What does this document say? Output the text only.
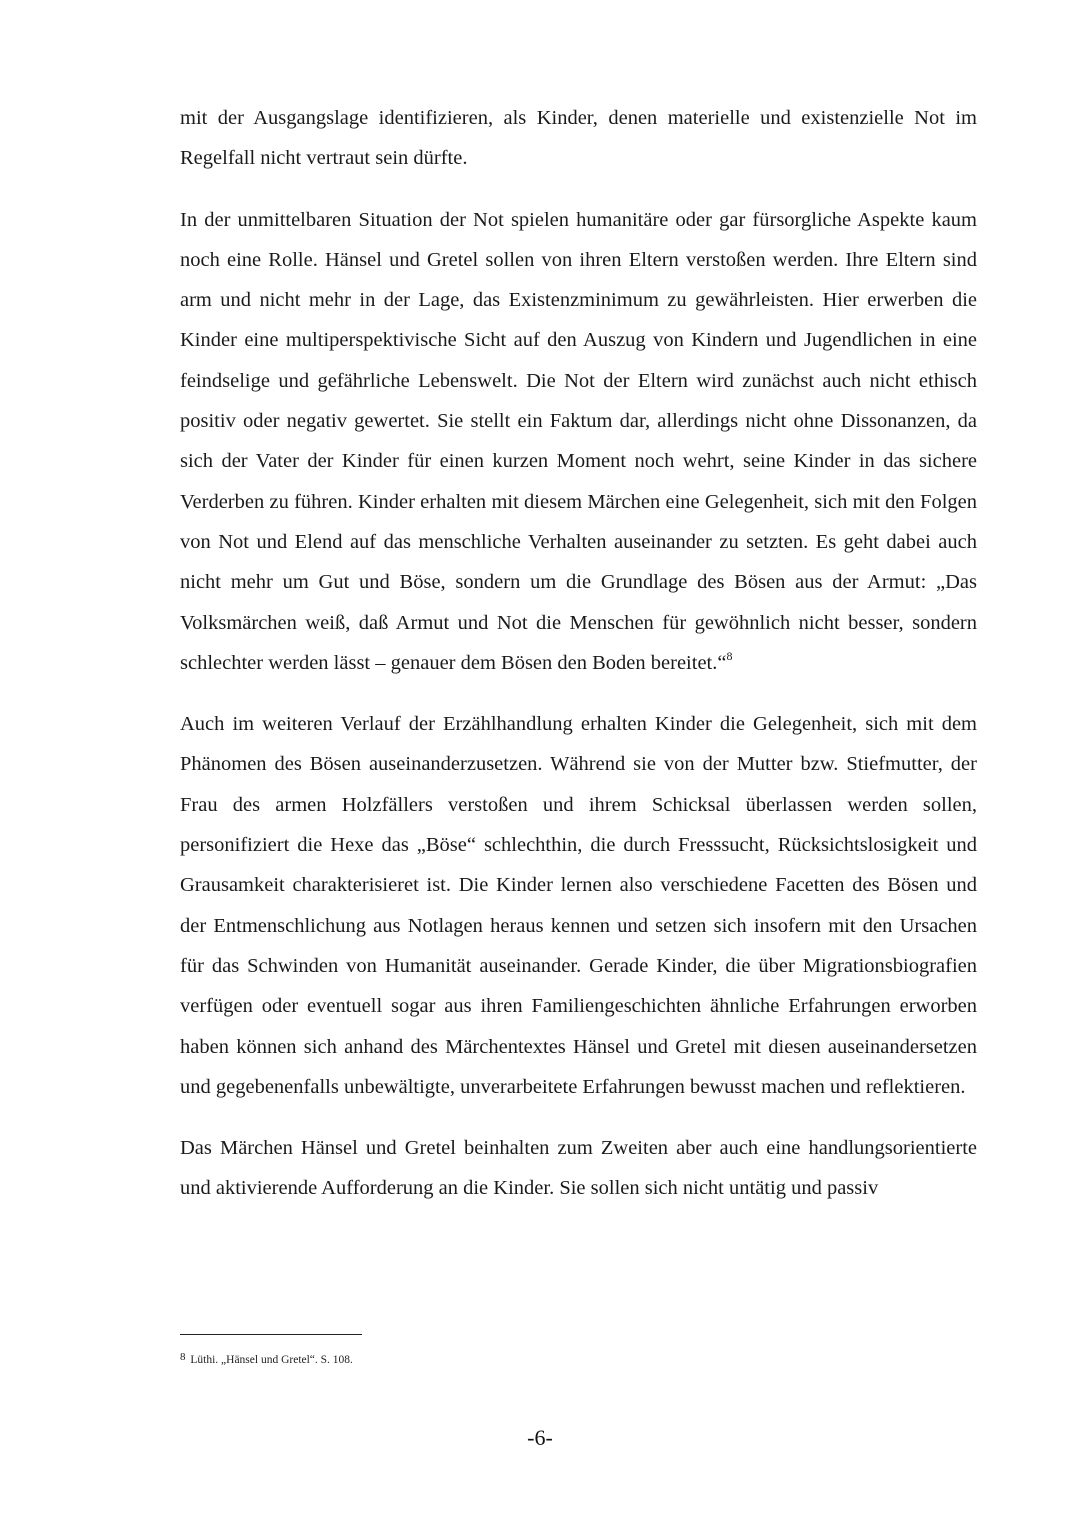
mit der Ausgangslage identifizieren, als Kinder, denen materielle und existenzielle Not im Regelfall nicht vertraut sein dürfte.

In der unmittelbaren Situation der Not spielen humanitäre oder gar fürsorgliche Aspekte kaum noch eine Rolle. Hänsel und Gretel sollen von ihren Eltern verstoßen werden. Ihre Eltern sind arm und nicht mehr in der Lage, das Existenzminimum zu gewährleisten. Hier erwerben die Kinder eine multiperspektivische Sicht auf den Auszug von Kindern und Jugendlichen in eine feindselige und gefährliche Lebenswelt. Die Not der Eltern wird zunächst auch nicht ethisch positiv oder negativ gewertet. Sie stellt ein Faktum dar, allerdings nicht ohne Dissonanzen, da sich der Vater der Kinder für einen kurzen Moment noch wehrt, seine Kinder in das sichere Verderben zu führen. Kinder erhalten mit diesem Märchen eine Gelegenheit, sich mit den Folgen von Not und Elend auf das menschliche Verhalten auseinander zu setzten. Es geht dabei auch nicht mehr um Gut und Böse, sondern um die Grundlage des Bösen aus der Armut: „Das Volksmärchen weiß, daß Armut und Not die Menschen für gewöhnlich nicht besser, sondern schlechter werden lässt – genauer dem Bösen den Boden bereitet.“$^8$

Auch im weiteren Verlauf der Erzählhandlung erhalten Kinder die Gelegenheit, sich mit dem Phänomen des Bösen auseinanderzusetzen. Während sie von der Mutter bzw. Stiefmutter, der Frau des armen Holzfällers verstoßen und ihrem Schicksal überlassen werden sollen, personifiziert die Hexe das „Böse“ schlechthin, die durch Fresssucht, Rücksichtslosigkeit und Grausamkeit charakterisieret ist. Die Kinder lernen also verschiedene Facetten des Bösen und der Entmenschlichung aus Notlagen heraus kennen und setzen sich insofern mit den Ursachen für das Schwinden von Humanität auseinander. Gerade Kinder, die über Migrationsbiografien verfügen oder eventuell sogar aus ihren Familiengeschichten ähnliche Erfahrungen erworben haben können sich anhand des Märchentextes Hänsel und Gretel mit diesen auseinandersetzen und gegebenenfalls unbewältigte, unverarbeitete Erfahrungen bewusst machen und reflektieren.

Das Märchen Hänsel und Gretel beinhalten zum Zweiten aber auch eine handlungsorientierte und aktivierende Aufforderung an die Kinder. Sie sollen sich nicht untätig und passiv

$^8$ Lüthi. „Hänsel und Gretel“. S. 108.
-6-
